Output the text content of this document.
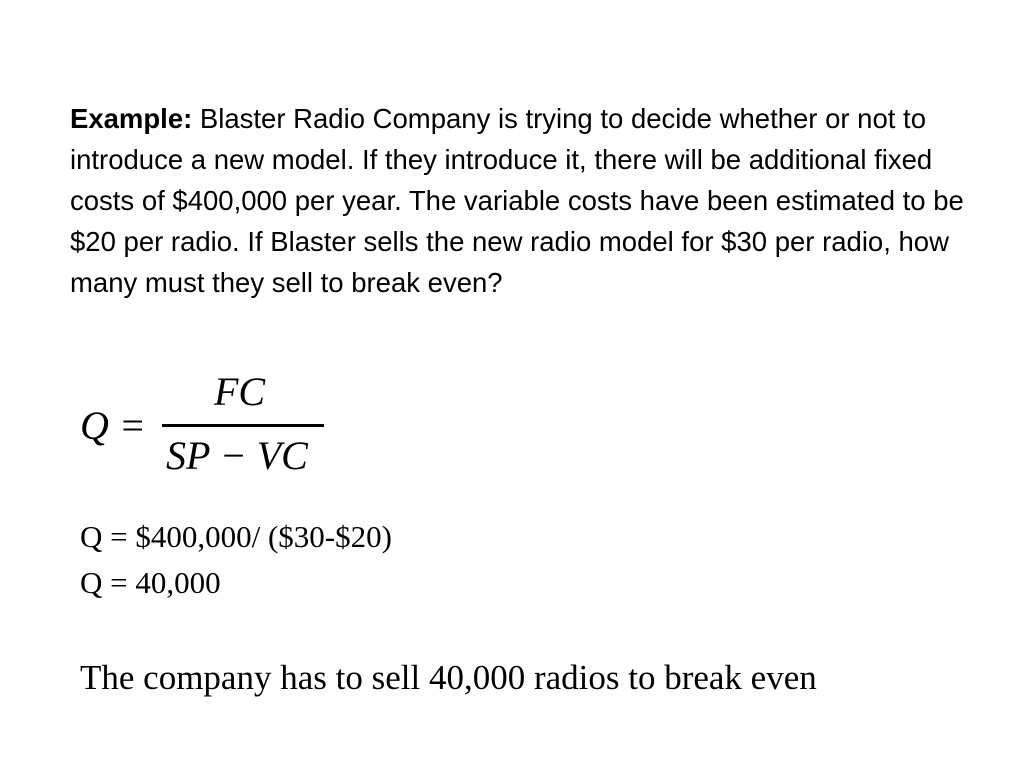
Example: Blaster Radio Company is trying to decide whether or not to introduce a new model. If they introduce it, there will be additional fixed costs of $400,000 per year. The variable costs have been estimated to be $20 per radio. If Blaster sells the new radio model for $30 per radio, how many must they sell to break even?

Q =
FC
SP − VC

Q = $400,000/ ($30-$20)

Q = 40,000

The company has to sell 40,000 radios to break even
